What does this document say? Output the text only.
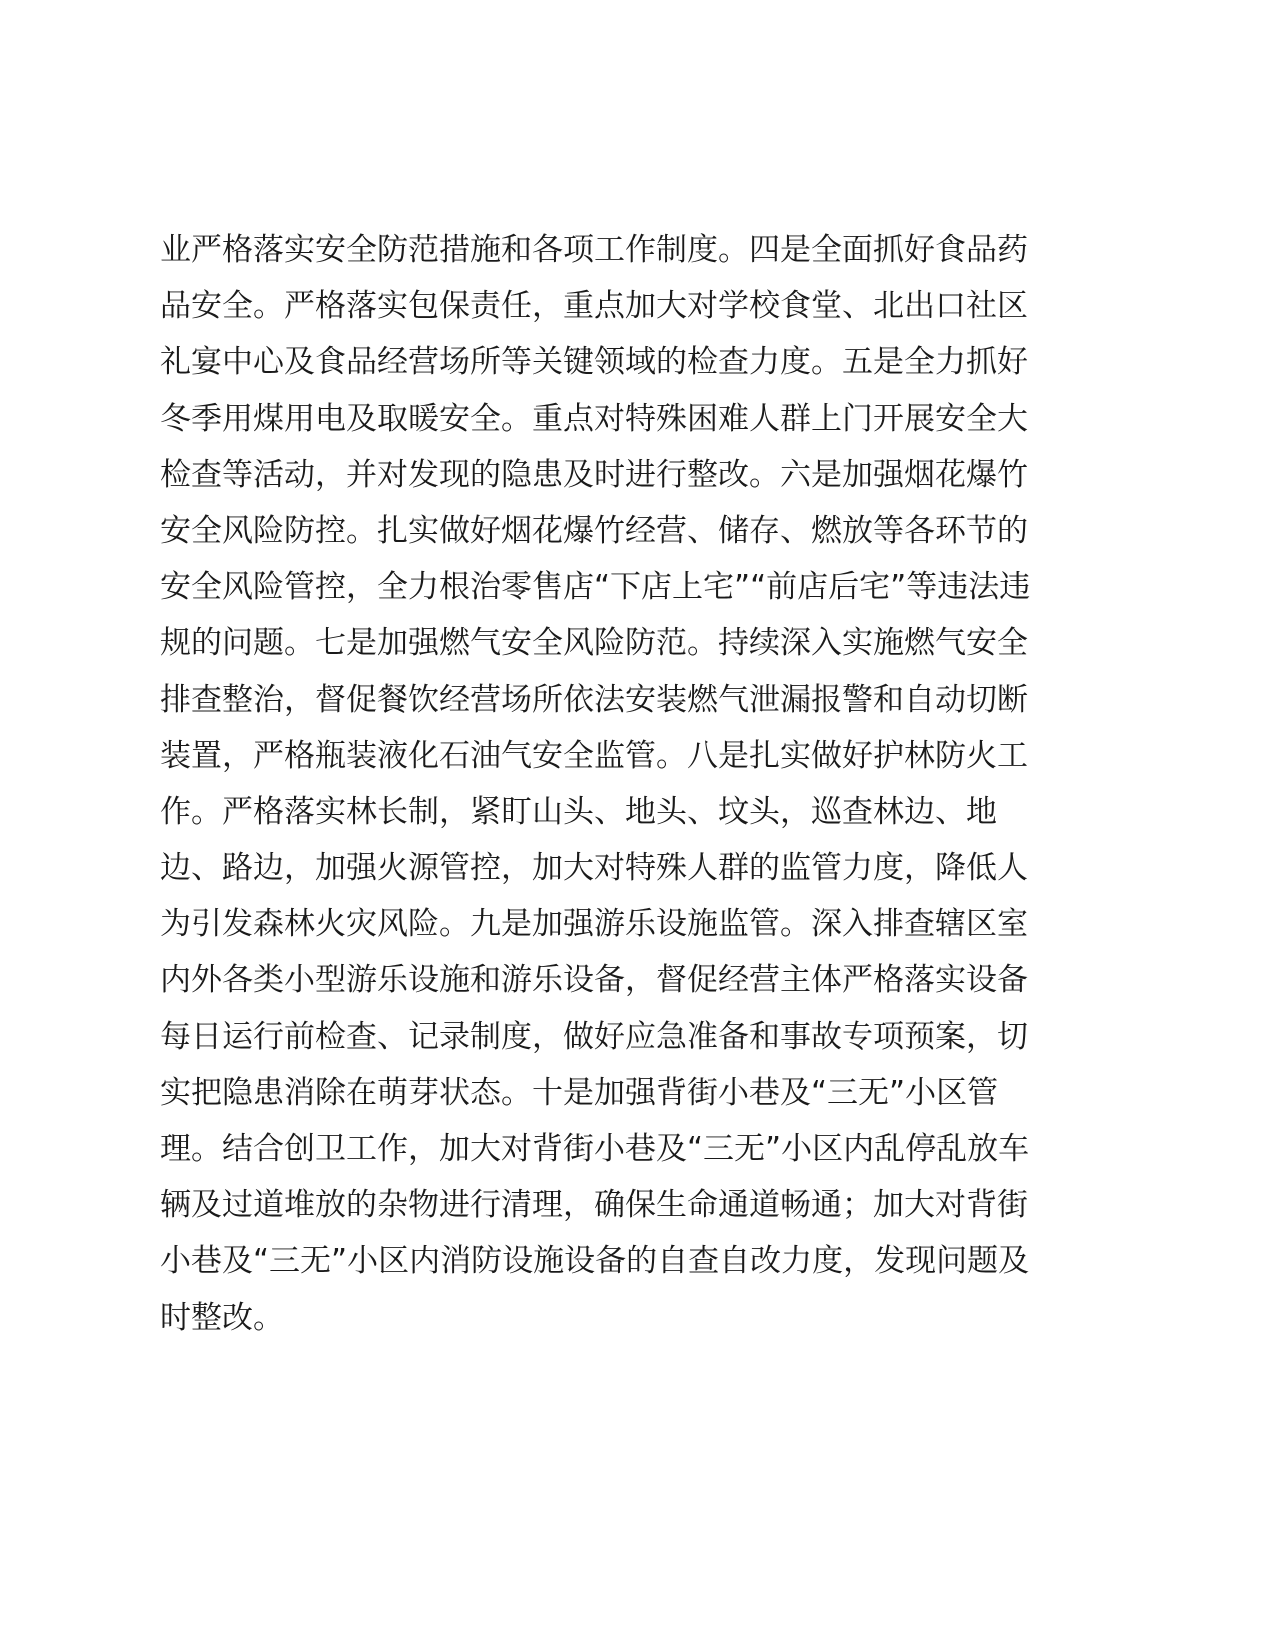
业严格落实安全防范措施和各项工作制度。四是全面抓好食品药
品安全。严格落实包保责任，重点加大对学校食堂、北出口社区
礼宴中心及食品经营场所等关键领域的检查力度。五是全力抓好
冬季用煤用电及取暖安全。重点对特殊困难人群上门开展安全大
检查等活动，并对发现的隐患及时进行整改。六是加强烟花爆竹
安全风险防控。扎实做好烟花爆竹经营、储存、燃放等各环节的
安全风险管控，全力根治零售店“下店上宅”“前店后宅”等违法违
规的问题。七是加强燃气安全风险防范。持续深入实施燃气安全
排查整治，督促餐饮经营场所依法安装燃气泄漏报警和自动切断
装置，严格瓶装液化石油气安全监管。八是扎实做好护林防火工
作。严格落实林长制，紧盯山头、地头、坟头，巡查林边、地
边、路边，加强火源管控，加大对特殊人群的监管力度，降低人
为引发森林火灾风险。九是加强游乐设施监管。深入排查辖区室
内外各类小型游乐设施和游乐设备，督促经营主体严格落实设备
每日运行前检查、记录制度，做好应急准备和事故专项预案，切
实把隐患消除在萌芽状态。十是加强背街小巷及“三无”小区管
理。结合创卫工作，加大对背街小巷及“三无”小区内乱停乱放车
辆及过道堆放的杂物进行清理，确保生命通道畅通；加大对背街
小巷及“三无”小区内消防设施设备的自查自改力度，发现问题及
时整改。
